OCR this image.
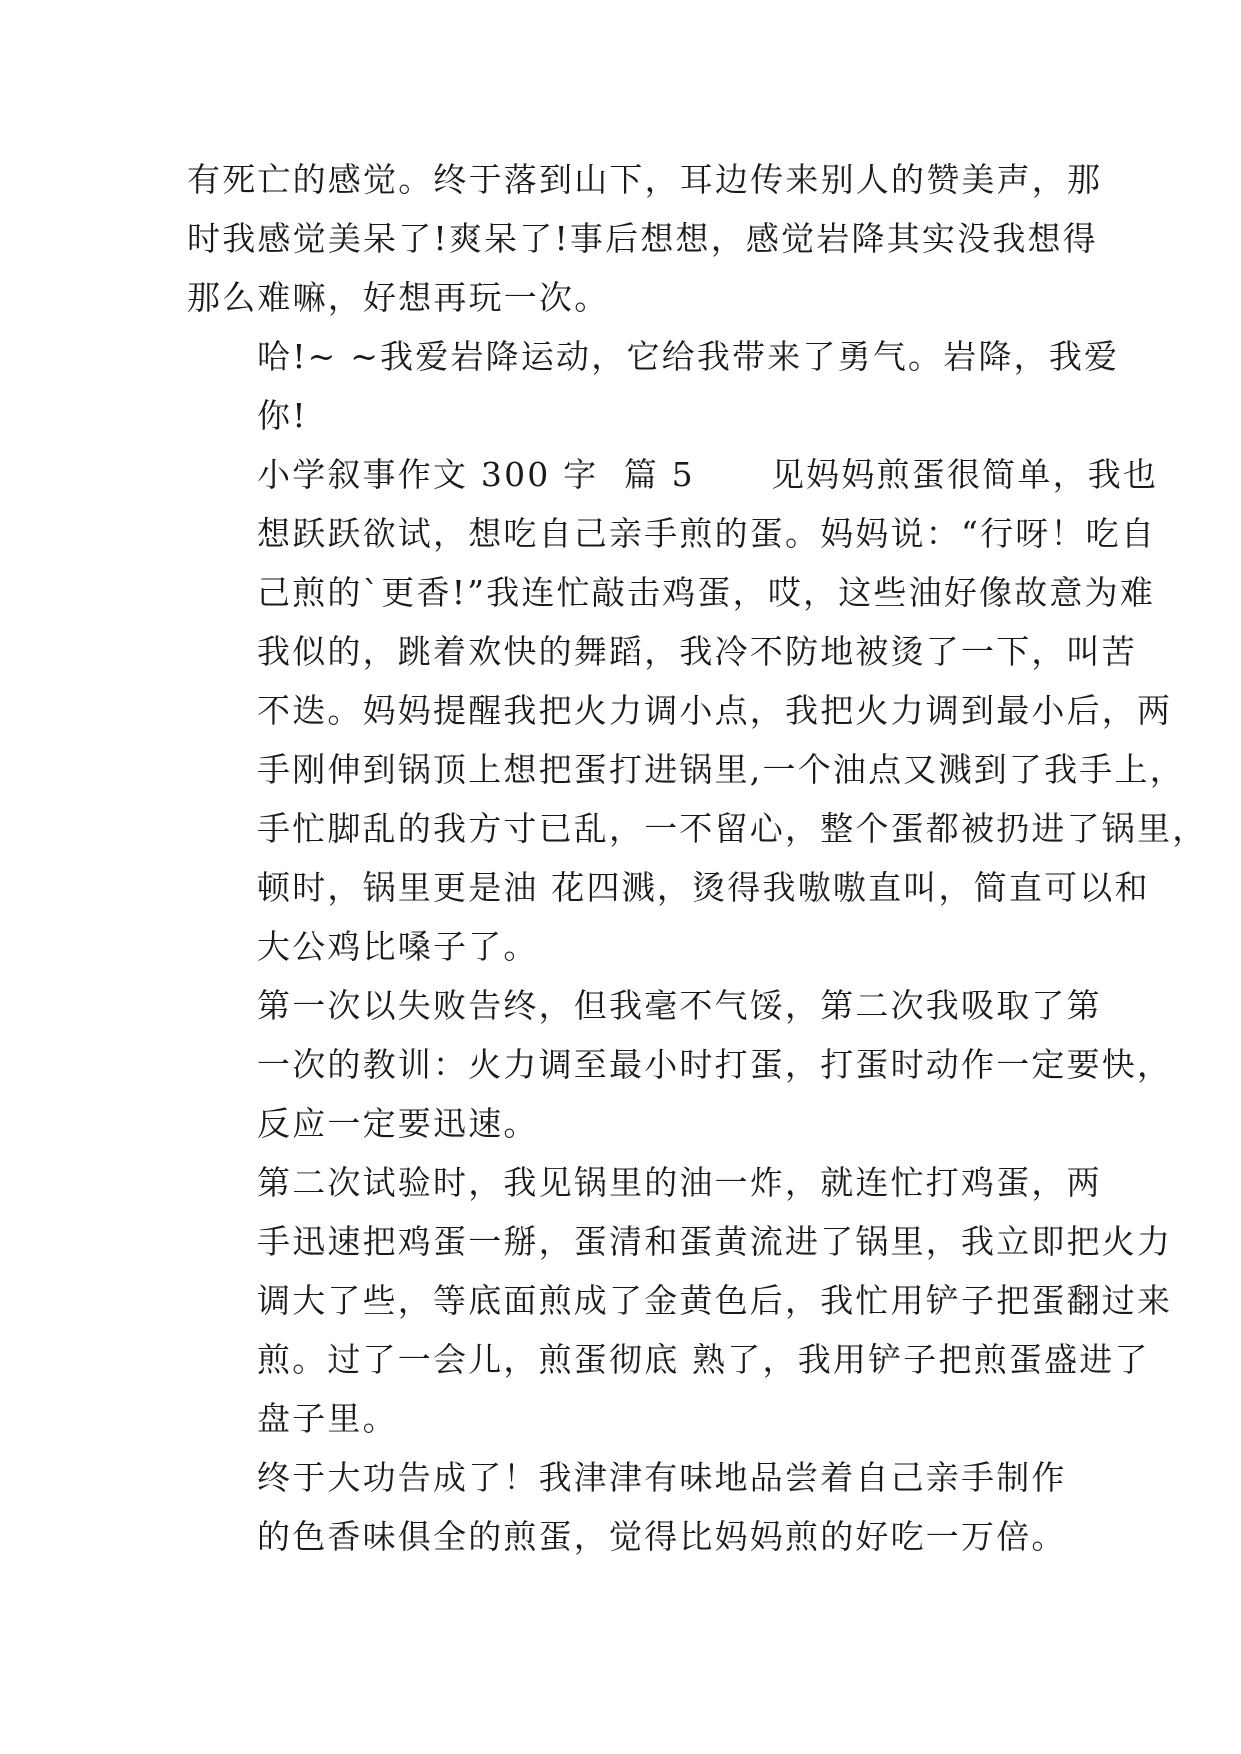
有死亡的感觉。终于落到山下，耳边传来别人的赞美声，那
时我感觉美呆了!爽呆了!事后想想，感觉岩降其实没我想得
那么难嘛，好想再玩一次。

哈!~ ~我爱岩降运动，它给我带来了勇气。岩降，我爱
你!

小学叙事作文 300 字  篇 5      见妈妈煎蛋很简单，我也
想跃跃欲试，想吃自己亲手煎的蛋。妈妈说：“行呀！吃自
己煎的`更香!”我连忙敲击鸡蛋，哎，这些油好像故意为难
我似的，跳着欢快的舞蹈，我冷不防地被烫了一下，叫苦
不迭。妈妈提醒我把火力调小点，我把火力调到最小后，两
手刚伸到锅顶上想把蛋打进锅里,一个油点又溅到了我手上，
手忙脚乱的我方寸已乱，一不留心，整个蛋都被扔进了锅里，
顿时，锅里更是油 花四溅，烫得我嗷嗷直叫，简直可以和
大公鸡比嗓子了。

第一次以失败告终，但我毫不气馁，第二次我吸取了第
一次的教训：火力调至最小时打蛋，打蛋时动作一定要快，
反应一定要迅速。

第二次试验时，我见锅里的油一炸，就连忙打鸡蛋，两
手迅速把鸡蛋一掰，蛋清和蛋黄流进了锅里，我立即把火力
调大了些，等底面煎成了金黄色后，我忙用铲子把蛋翻过来
煎。过了一会儿，煎蛋彻底 熟了，我用铲子把煎蛋盛进了
盘子里。

终于大功告成了！我津津有味地品尝着自己亲手制作
的色香味俱全的煎蛋，觉得比妈妈煎的好吃一万倍。
